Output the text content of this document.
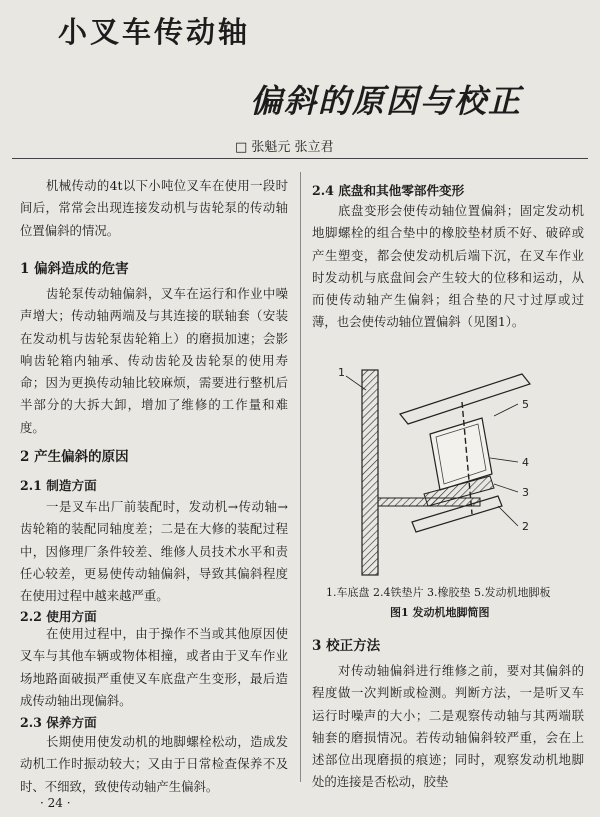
小叉车传动轴
偏斜的原因与校正
□ 张魁元 张立君

机械传动的4t以下小吨位叉车在使用一段时间后，常常会出现连接发动机与齿轮泵的传动轴位置偏斜的情况。

1 偏斜造成的危害

齿轮泵传动轴偏斜，叉车在运行和作业中噪声增大；传动轴两端及与其连接的联轴套（安装在发动机与齿轮泵齿轮箱上）的磨损加速；会影响齿轮箱内轴承、传动齿轮及齿轮泵的使用寿命；因为更换传动轴比较麻烦，需要进行整机后半部分的大拆大卸，增加了维修的工作量和难度。

2 产生偏斜的原因
2.1 制造方面

一是叉车出厂前装配时，发动机→传动轴→齿轮箱的装配同轴度差；二是在大修的装配过程中，因修理厂条件较差、维修人员技术水平和责任心较差，更易使传动轴偏斜，导致其偏斜程度在使用过程中越来越严重。

2.2 使用方面

在使用过程中，由于操作不当或其他原因使叉车与其他车辆或物体相撞，或者由于叉车作业场地路面破损严重使叉车底盘产生变形，最后造成传动轴出现偏斜。

2.3 保养方面

长期使用使发动机的地脚螺栓松动，造成发动机工作时振动较大；又由于日常检查保养不及时、不细致，致使传动轴产生偏斜。

2.4 底盘和其他零部件变形

底盘变形会使传动轴位置偏斜；固定发动机地脚螺栓的组合垫中的橡胶垫材质不好、破碎或产生塑变，都会使发动机后端下沉，在叉车作业时发动机与底盘间会产生较大的位移和运动，从而使传动轴产生偏斜；组合垫的尺寸过厚或过薄，也会使传动轴位置偏斜（见图1）。

1
5
4
3
2
1.车底盘 2.4铁垫片 3.橡胶垫 5.发动机地脚板
图1 发动机地脚简图
3 校正方法

对传动轴偏斜进行维修之前，要对其偏斜的程度做一次判断或检测。判断方法，一是听叉车运行时噪声的大小；二是观察传动轴与其两端联轴套的磨损情况。若传动轴偏斜较严重，会在上述部位出现磨损的痕迹；同时，观察发动机地脚处的连接是否松动，胶垫

· 24 ·
